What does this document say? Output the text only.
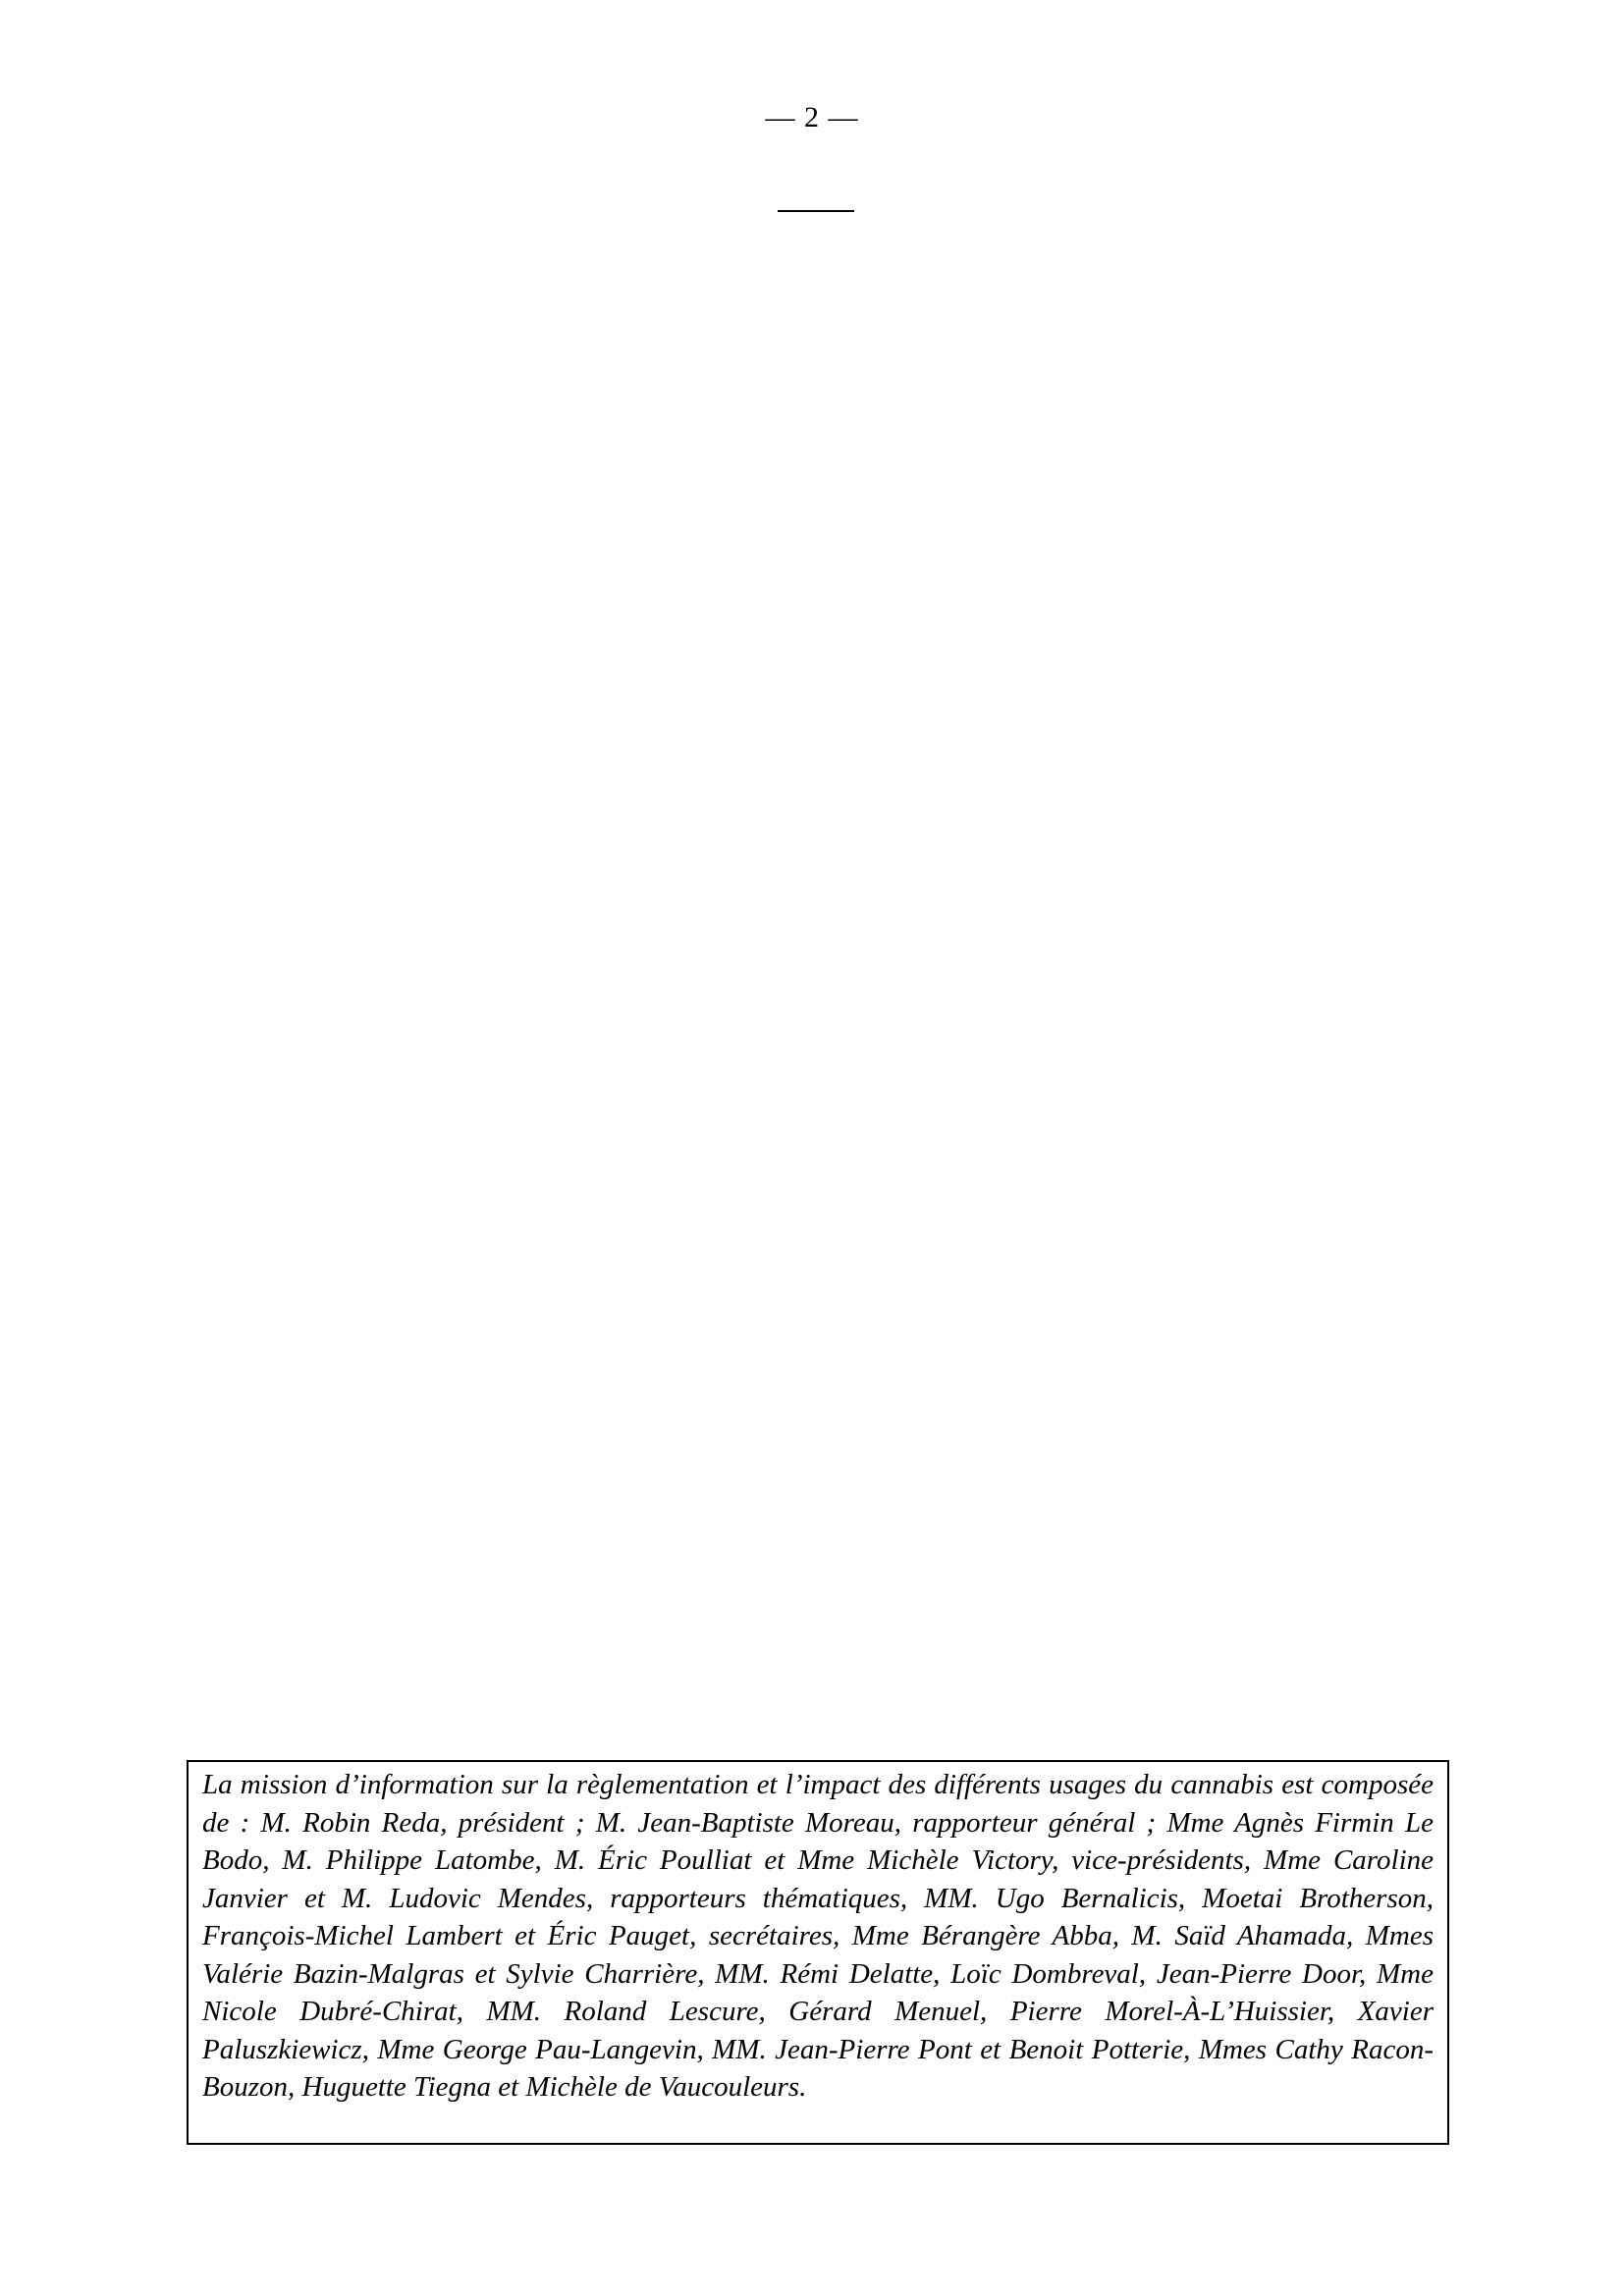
— 2 —

La mission d’information sur la règlementation et l’impact des différents usages du cannabis est composée de : M. Robin Reda, président ; M. Jean-Baptiste Moreau, rapporteur général ; Mme Agnès Firmin Le Bodo, M. Philippe Latombe, M. Éric Poulliat et Mme Michèle Victory, vice-présidents, Mme Caroline Janvier et M. Ludovic Mendes, rapporteurs thématiques, MM. Ugo Bernalicis, Moetai Brotherson, François-Michel Lambert et Éric Pauget, secrétaires, Mme Bérangère Abba, M. Saïd Ahamada, Mmes Valérie Bazin-Malgras et Sylvie Charrière, MM. Rémi Delatte, Loïc Dombreval, Jean-Pierre Door, Mme Nicole Dubré-Chirat, MM. Roland Lescure, Gérard Menuel, Pierre Morel-À-L’Huissier, Xavier Paluszkiewicz, Mme George Pau-Langevin, MM. Jean-Pierre Pont et Benoit Potterie, Mmes Cathy Racon-Bouzon, Huguette Tiegna et Michèle de Vaucouleurs.
